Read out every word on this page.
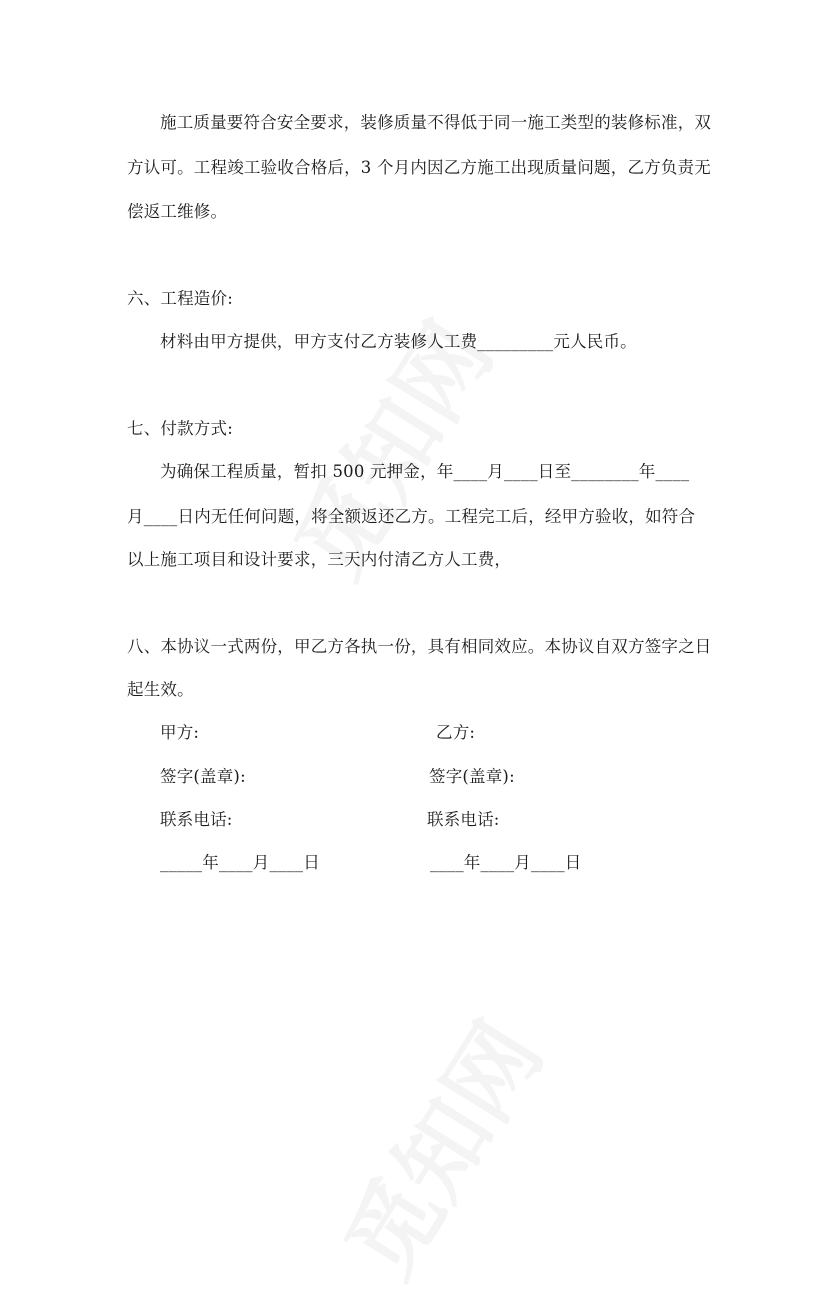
施工质量要符合安全要求，装修质量不得低于同一施工类型的装修标准，双
方认可。工程竣工验收合格后，3 个月内因乙方施工出现质量问题，乙方负责无
偿返工维修。
六、工程造价:
材料由甲方提供，甲方支付乙方装修人工费_________元人民币。
七、付款方式:
为确保工程质量，暂扣 500 元押金，年____月____日至________年____
月____日内无任何问题，将全额返还乙方。工程完工后，经甲方验收，如符合
以上施工项目和设计要求，三天内付清乙方人工费，
八、本协议一式两份，甲乙方各执一份，具有相同效应。本协议自双方签字之日
起生效。
甲方:
签字(盖章):
联系电话:
_____年____月____日
乙方:
签字(盖章):
联系电话:
____年____月____日
